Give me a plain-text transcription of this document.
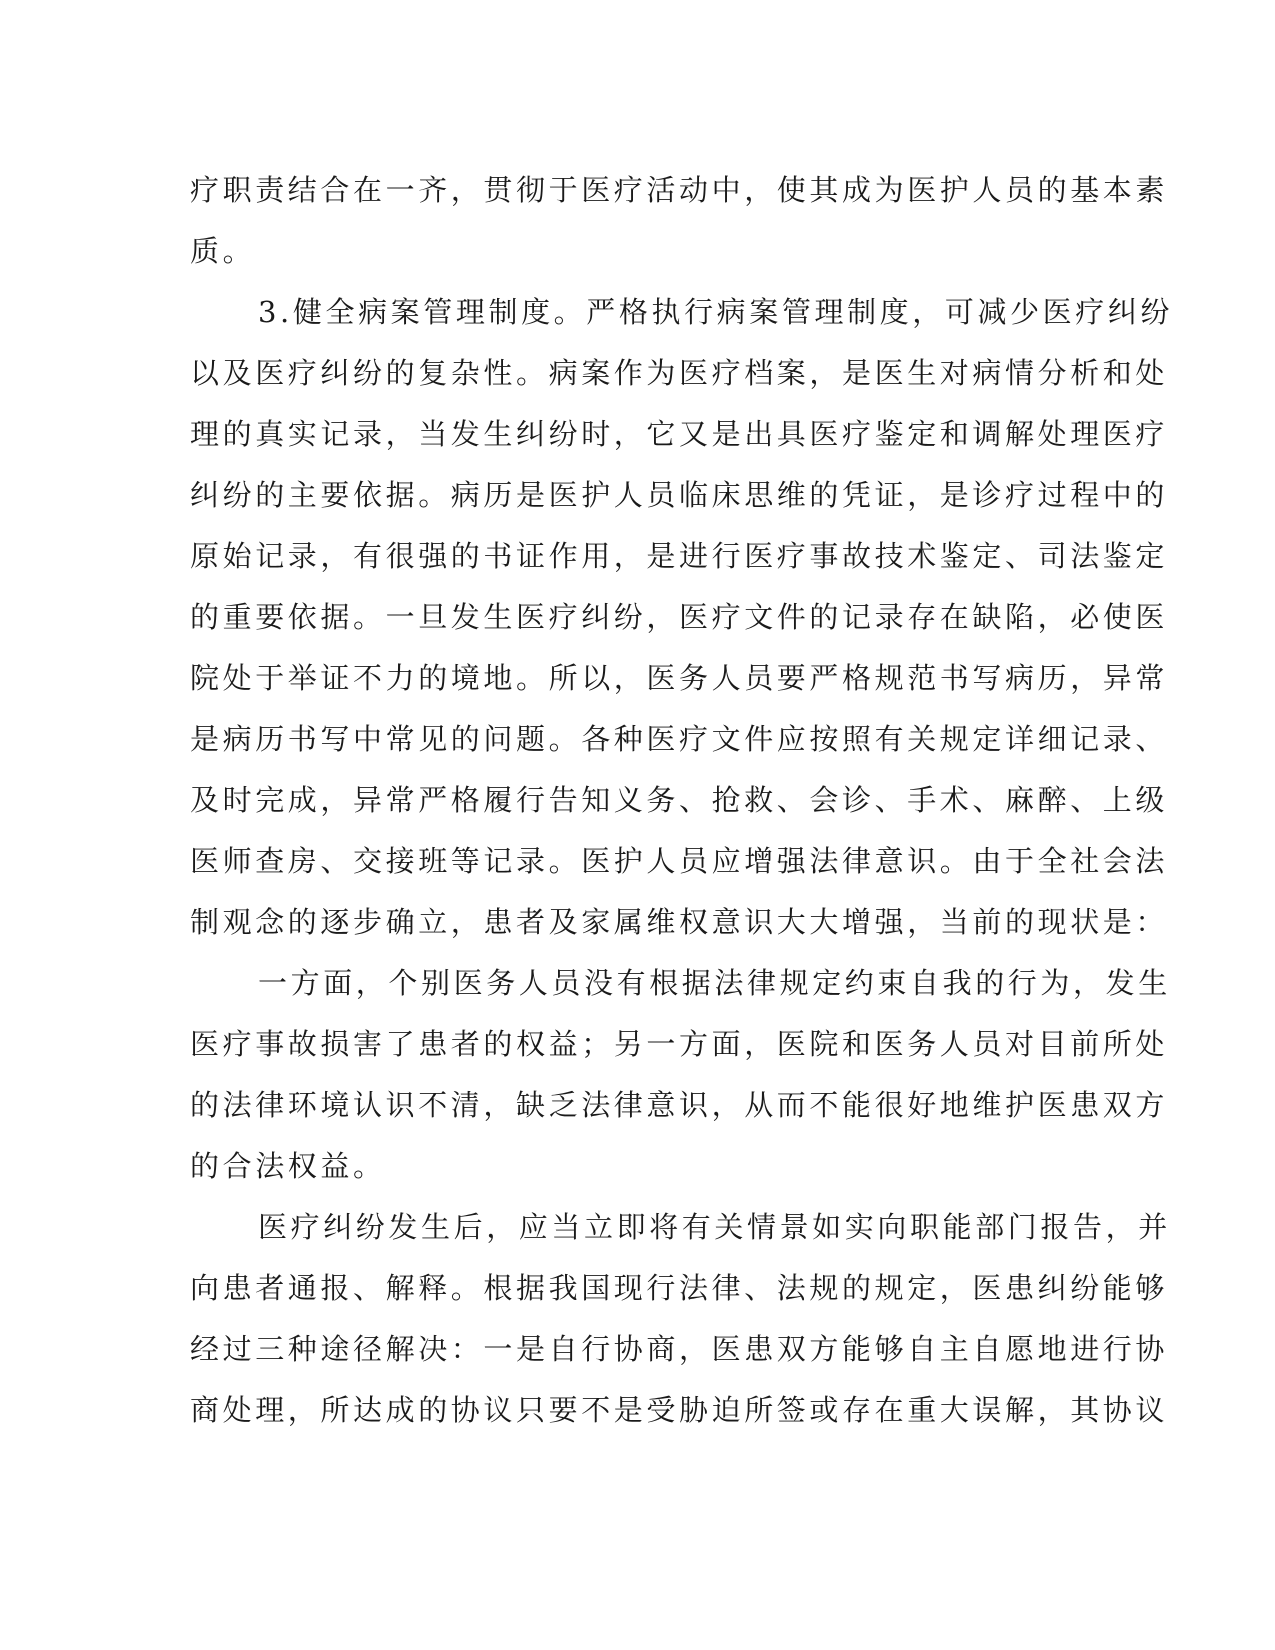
疗职责结合在一齐，贯彻于医疗活动中，使其成为医护人员的基本素
质。
3.健全病案管理制度。严格执行病案管理制度，可减少医疗纠纷
以及医疗纠纷的复杂性。病案作为医疗档案，是医生对病情分析和处
理的真实记录，当发生纠纷时，它又是出具医疗鉴定和调解处理医疗
纠纷的主要依据。病历是医护人员临床思维的凭证，是诊疗过程中的
原始记录，有很强的书证作用，是进行医疗事故技术鉴定、司法鉴定
的重要依据。一旦发生医疗纠纷，医疗文件的记录存在缺陷，必使医
院处于举证不力的境地。所以，医务人员要严格规范书写病历，异常
是病历书写中常见的问题。各种医疗文件应按照有关规定详细记录、
及时完成，异常严格履行告知义务、抢救、会诊、手术、麻醉、上级
医师查房、交接班等记录。医护人员应增强法律意识。由于全社会法
制观念的逐步确立，患者及家属维权意识大大增强，当前的现状是：
一方面，个别医务人员没有根据法律规定约束自我的行为，发生
医疗事故损害了患者的权益；另一方面，医院和医务人员对目前所处
的法律环境认识不清，缺乏法律意识，从而不能很好地维护医患双方
的合法权益。
医疗纠纷发生后，应当立即将有关情景如实向职能部门报告，并
向患者通报、解释。根据我国现行法律、法规的规定，医患纠纷能够
经过三种途径解决：一是自行协商，医患双方能够自主自愿地进行协
商处理，所达成的协议只要不是受胁迫所签或存在重大误解，其协议
